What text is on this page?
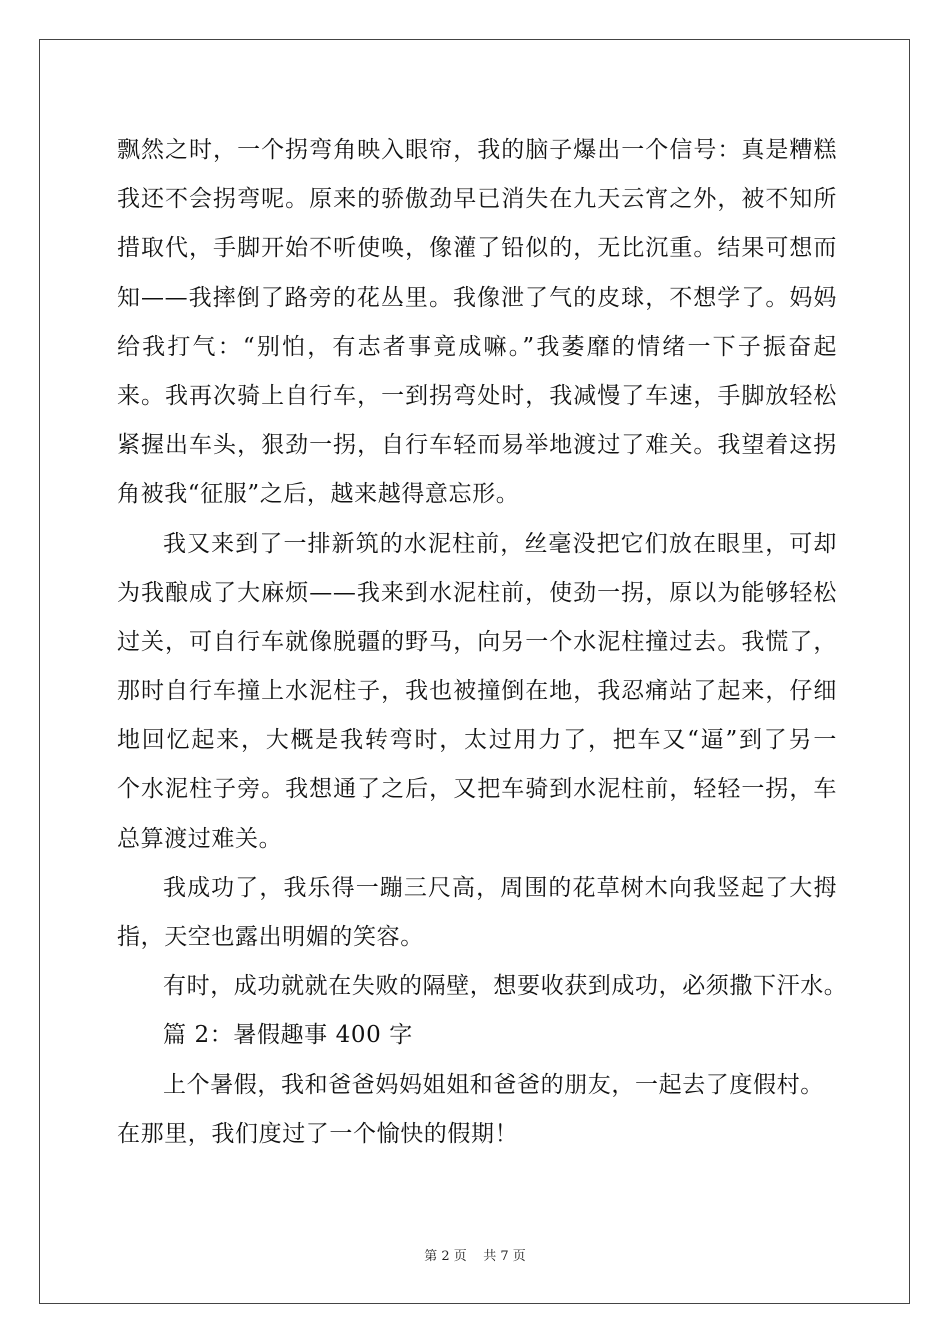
飘然之时，一个拐弯角映入眼帘，我的脑子爆出一个信号：真是糟糕
我还不会拐弯呢。原来的骄傲劲早已消失在九天云宵之外，被不知所
措取代，手脚开始不听使唤，像灌了铅似的，无比沉重。结果可想而
知——我摔倒了路旁的花丛里。我像泄了气的皮球，不想学了。妈妈
给我打气：“别怕，有志者事竟成嘛。”我萎靡的情绪一下子振奋起
来。我再次骑上自行车，一到拐弯处时，我减慢了车速，手脚放轻松
紧握出车头，狠劲一拐，自行车轻而易举地渡过了难关。我望着这拐
角被我“征服”之后，越来越得意忘形。
我又来到了一排新筑的水泥柱前，丝毫没把它们放在眼里，可却
为我酿成了大麻烦——我来到水泥柱前，使劲一拐，原以为能够轻松
过关，可自行车就像脱疆的野马，向另一个水泥柱撞过去。我慌了，
那时自行车撞上水泥柱子，我也被撞倒在地，我忍痛站了起来，仔细
地回忆起来，大概是我转弯时，太过用力了，把车又“逼”到了另一
个水泥柱子旁。我想通了之后，又把车骑到水泥柱前，轻轻一拐，车
总算渡过难关。
我成功了，我乐得一蹦三尺高，周围的花草树木向我竖起了大拇
指，天空也露出明媚的笑容。
有时，成功就就在失败的隔壁，想要收获到成功，必须撒下汗水。
篇 2：暑假趣事 400 字
上个暑假，我和爸爸妈妈姐姐和爸爸的朋友，一起去了度假村。
在那里，我们度过了一个愉快的假期！
第 2 页    共 7 页
